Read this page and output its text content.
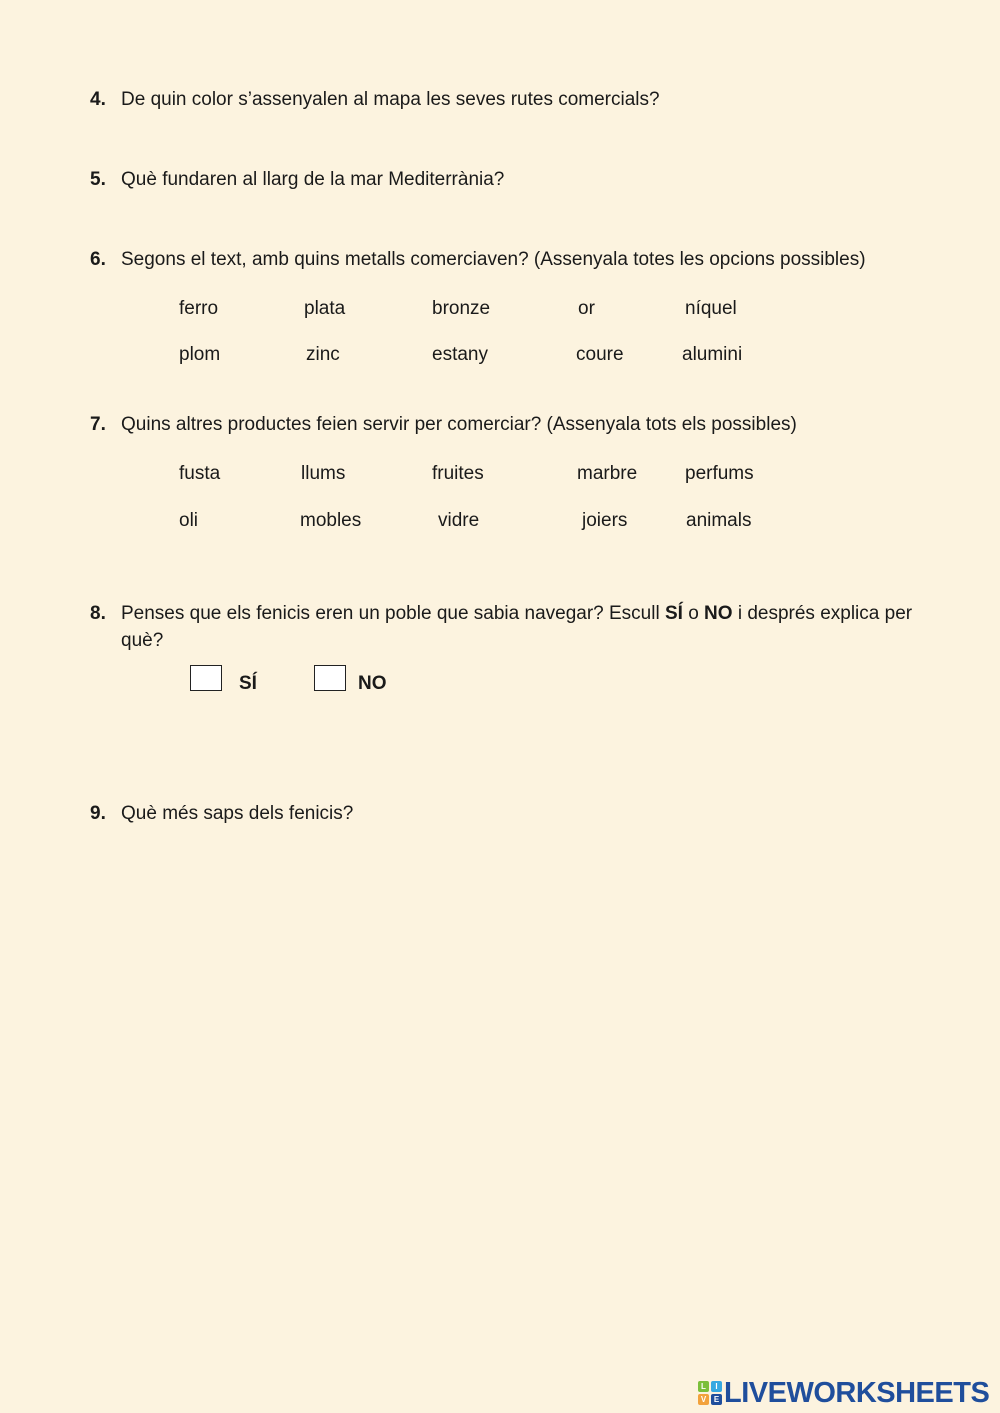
4. De quin color s’assenyalen al mapa les seves rutes comercials?
5. Què fundaren al llarg de la mar Mediterrània?
6. Segons el text, amb quins metalls comerciaven? (Assenyala totes les opcions possibles)
ferro	plata	bronze	or	níquel
plom	zinc	estany	coure	alumini
7. Quins altres productes feien servir per comerciar? (Assenyala tots els possibles)
fusta	llums	fruites	marbre	perfums
oli	mobles	vidre	joiers	animals
8. Penses que els fenicis eren un poble que sabia navegar? Escull SÍ o NO i després explica per què?
SÍ	NO
9. Què més saps dels fenicis?
L	I
V E LIVEWORKSHEETS
